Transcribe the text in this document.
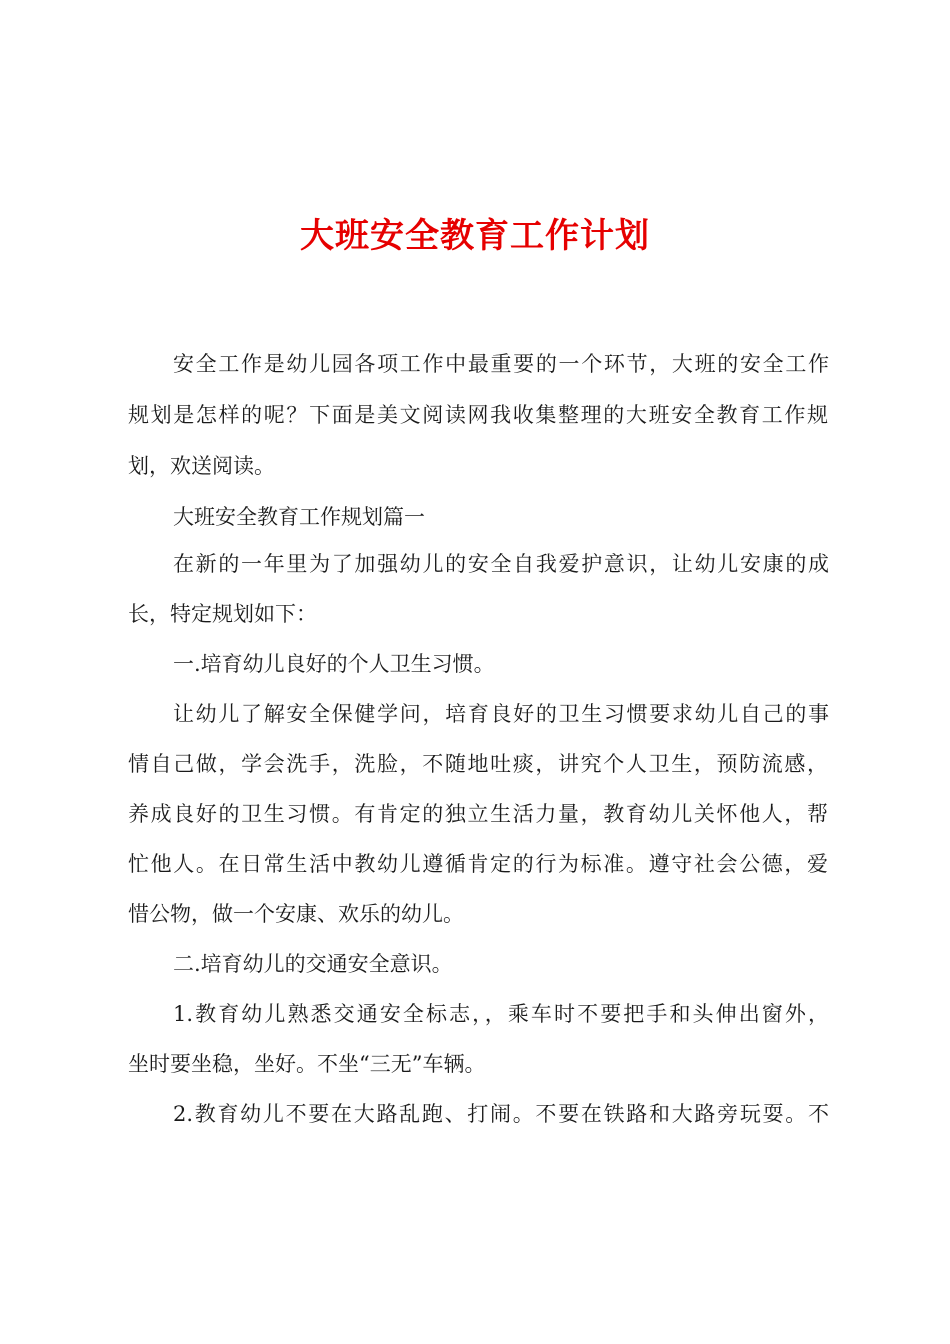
大班安全教育工作计划
安全工作是幼儿园各项工作中最重要的一个环节，大班的安全工作
规划是怎样的呢？下面是美文阅读网我收集整理的大班安全教育工作规
划，欢送阅读。
大班安全教育工作规划篇一
在新的一年里为了加强幼儿的安全自我爱护意识，让幼儿安康的成
长，特定规划如下：
一.培育幼儿良好的个人卫生习惯。
让幼儿了解安全保健学问，培育良好的卫生习惯要求幼儿自己的事
情自己做，学会洗手，洗脸，不随地吐痰，讲究个人卫生，预防流感，
养成良好的卫生习惯。有肯定的独立生活力量，教育幼儿关怀他人，帮
忙他人。在日常生活中教幼儿遵循肯定的行为标准。遵守社会公德，爱
惜公物，做一个安康、欢乐的幼儿。
二.培育幼儿的交通安全意识。
1.教育幼儿熟悉交通安全标志，，乘车时不要把手和头伸出窗外，
坐时要坐稳，坐好。不坐“三无”车辆。
2.教育幼儿不要在大路乱跑、打闹。不要在铁路和大路旁玩耍。不
